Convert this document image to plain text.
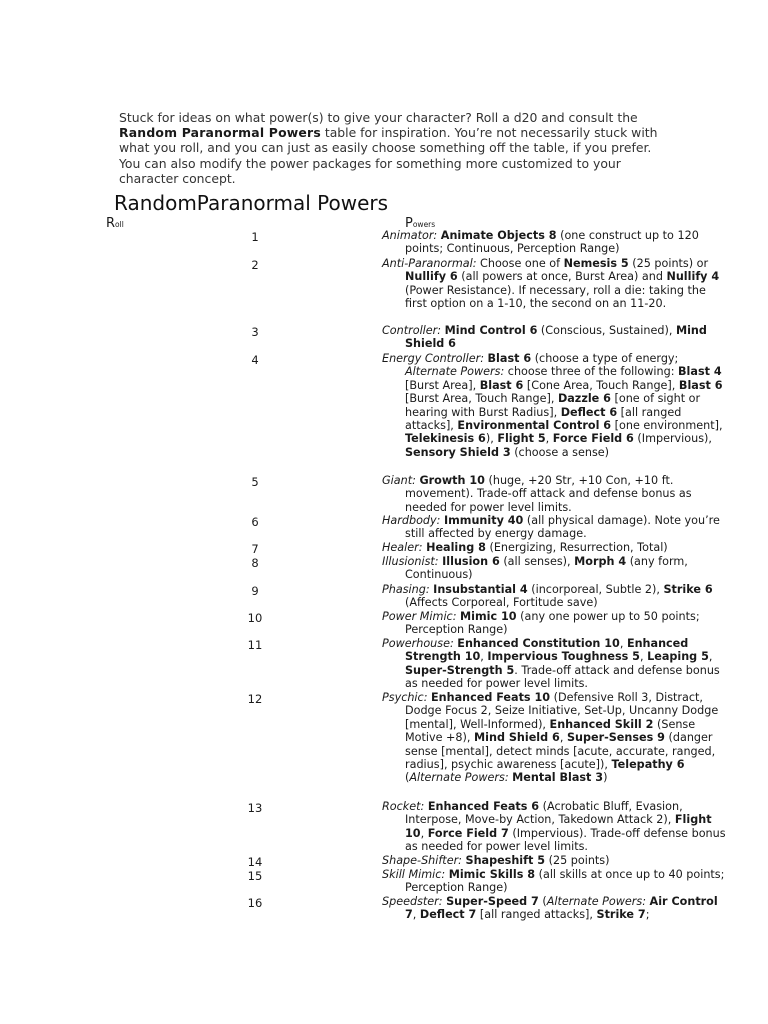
Stuck for ideas on what power(s) to give your character? Roll a d20 and consult the Random Paranormal Powers table for inspiration. You’re not necessarily stuck with what you roll, and you can just as easily choose something off the table, if you prefer. You can also modify the power packages for something more customized to your character concept.
RandomParanormal Powers
Roll	Powers
1	Animator: Animate Objects 8 (one construct up to 120 points; Continuous, Perception Range)
2	Anti-Paranormal: Choose one of Nemesis 5 (25 points) or Nullify 6 (all powers at once, Burst Area) and Nullify 4 (Power Resistance). If necessary, roll a die: taking the first option on a 1-10, the second on an 11-20.
3	Controller: Mind Control 6 (Conscious, Sustained), Mind Shield 6
4	Energy Controller: Blast 6 (choose a type of energy; Alternate Powers: choose three of the following: Blast 4 [Burst Area], Blast 6 [Cone Area, Touch Range], Blast 6 [Burst Area, Touch Range], Dazzle 6 [one of sight or hearing with Burst Radius], Deflect 6 [all ranged attacks], Environmental Control 6 [one environment], Telekinesis 6), Flight 5, Force Field 6 (Impervious), Sensory Shield 3 (choose a sense)
5	Giant: Growth 10 (huge, +20 Str, +10 Con, +10 ft. movement). Trade-off attack and defense bonus as needed for power level limits.
6	Hardbody: Immunity 40 (all physical damage). Note you’re still affected by energy damage.
7	Healer: Healing 8 (Energizing, Resurrection, Total)
8	Illusionist: Illusion 6 (all senses), Morph 4 (any form, Continuous)
9	Phasing: Insubstantial 4 (incorporeal, Subtle 2), Strike 6 (Affects Corporeal, Fortitude save)
10	Power Mimic: Mimic 10 (any one power up to 50 points; Perception Range)
11	Powerhouse: Enhanced Constitution 10, Enhanced Strength 10, Impervious Toughness 5, Leaping 5, Super-Strength 5. Trade-off attack and defense bonus as needed for power level limits.
12	Psychic: Enhanced Feats 10 (Defensive Roll 3, Distract, Dodge Focus 2, Seize Initiative, Set-Up, Uncanny Dodge [mental], Well-Informed), Enhanced Skill 2 (Sense Motive +8), Mind Shield 6, Super-Senses 9 (danger sense [mental], detect minds [acute, accurate, ranged, radius], psychic awareness [acute]), Telepathy 6 (Alternate Powers: Mental Blast 3)
13	Rocket: Enhanced Feats 6 (Acrobatic Bluff, Evasion, Interpose, Move-by Action, Takedown Attack 2), Flight 10, Force Field 7 (Impervious). Trade-off defense bonus as needed for power level limits.
14	Shape-Shifter: Shapeshift 5 (25 points)
15	Skill Mimic: Mimic Skills 8 (all skills at once up to 40 points; Perception Range)
16	Speedster: Super-Speed 7 (Alternate Powers: Air Control 7, Deflect 7 [all ranged attacks], Strike 7;
